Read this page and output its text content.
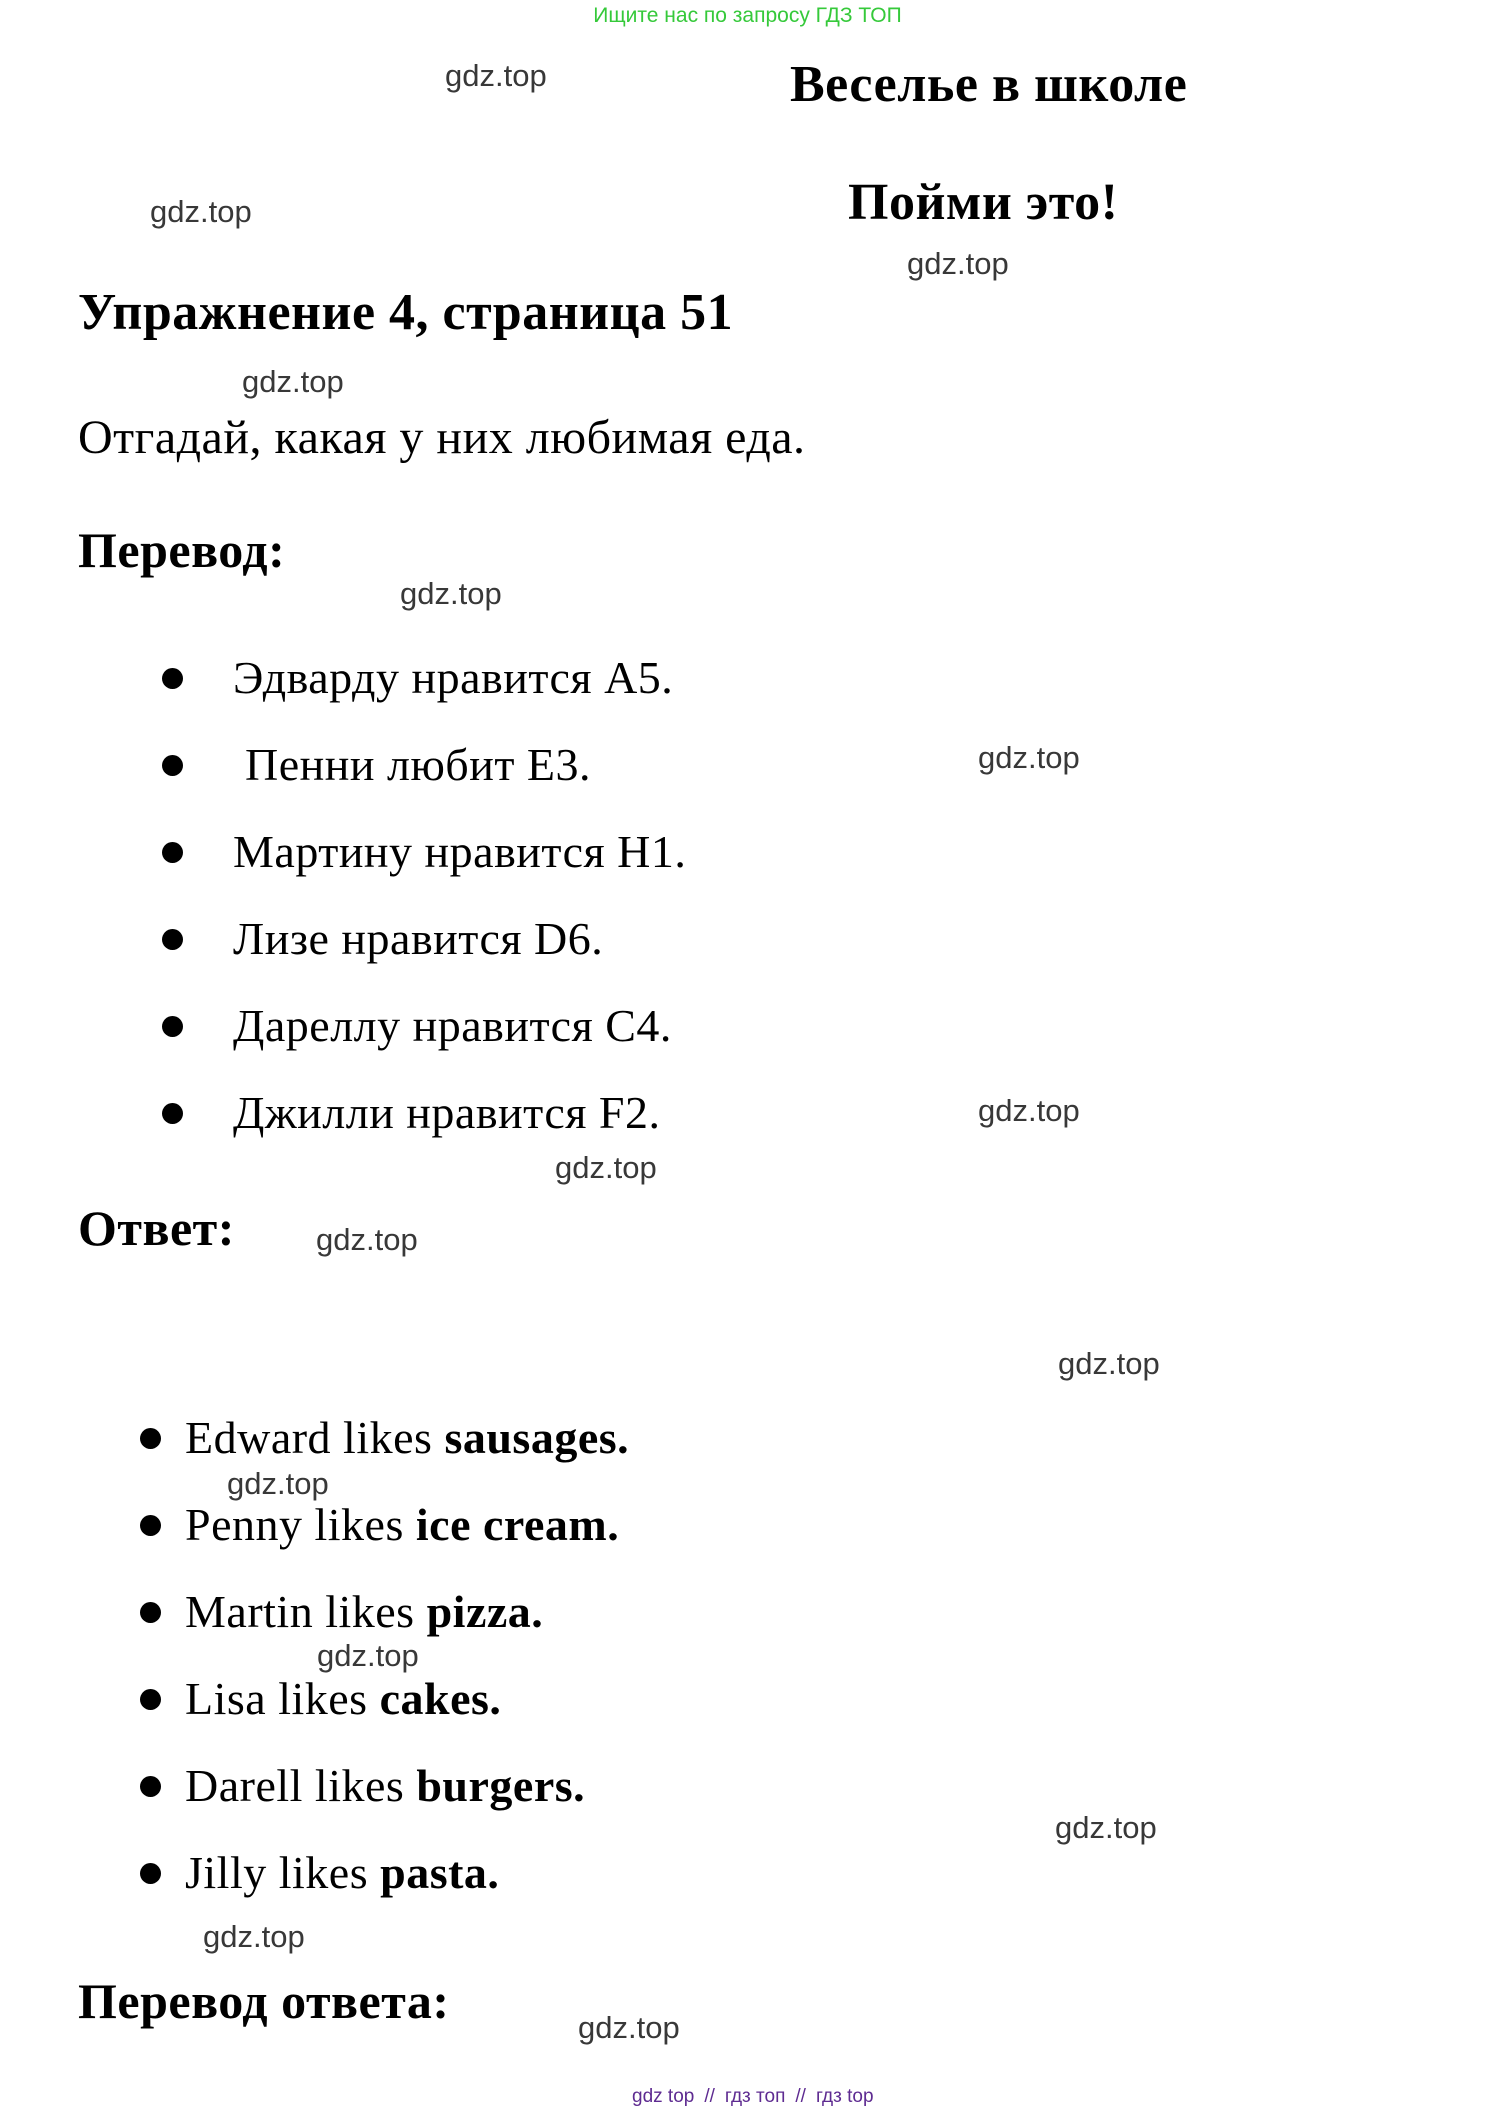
Ищите нас по запросу ГДЗ ТОП
Веселье в школе
Пойми это!
Упражнение 4, страница 51

Отгадай, какая у них любимая еда.

Перевод:
Эдварду нравится A5.
Пенни любит E3.
Мартину нравится H1.
Лизе нравится D6.
Дареллу нравится C4.
Джилли нравится F2.
Ответ:
Edward likes sausages.
Penny likes ice cream.
Martin likes pizza.
Lisa likes cakes.
Darell likes burgers.
Jilly likes pasta.
Перевод ответа:
gdz.top
gdz.top
gdz.top
gdz.top
gdz.top
gdz.top
gdz.top
gdz.top
gdz.top
gdz.top
gdz.top
gdz.top
gdz.top
gdz.top
gdz.top
gdz top // гдз топ // гдз top
